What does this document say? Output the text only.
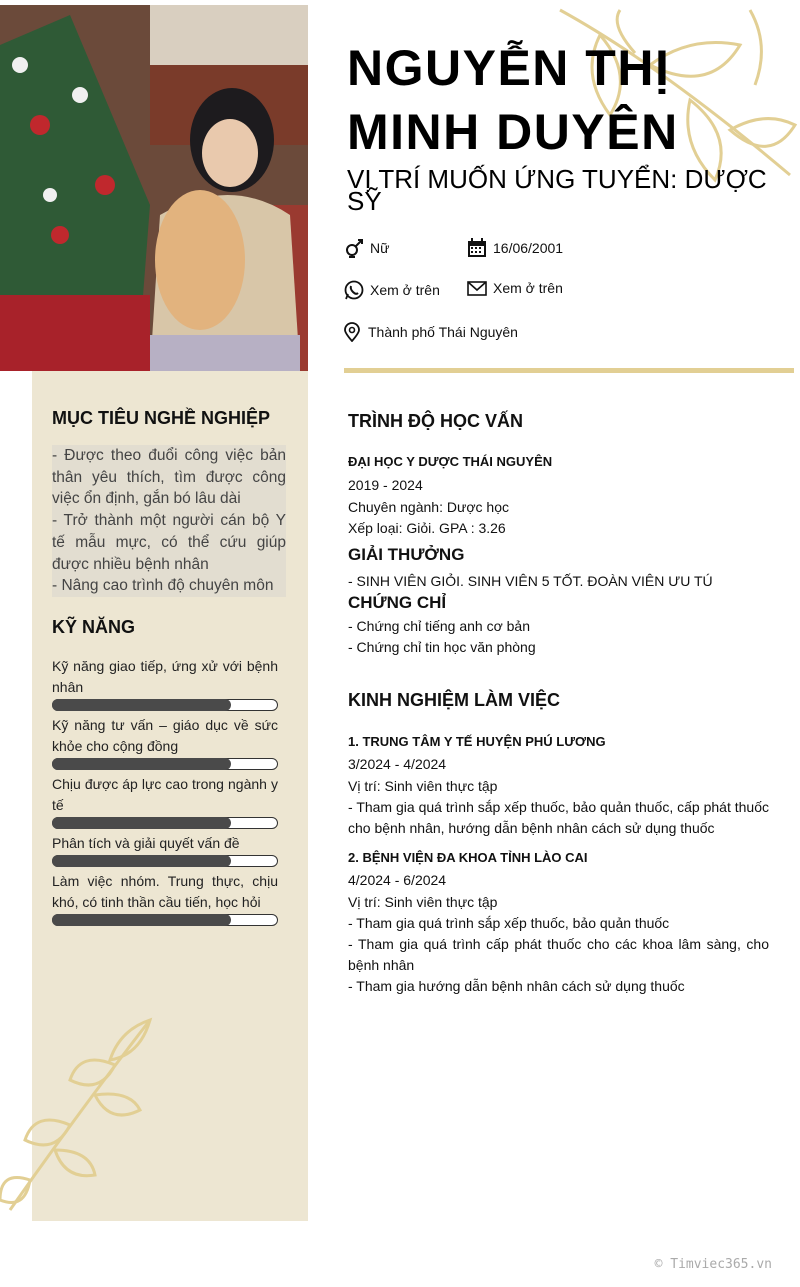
MỤC TIÊU NGHỀ NGHIỆP
- Được theo đuổi công việc bản thân yêu thích, tìm được công việc ổn định, gắn bó lâu dài
- Trở thành một người cán bộ Y tế mẫu mực, có thể cứu giúp được nhiều bệnh nhân
- Nâng cao trình độ chuyên môn
KỸ NĂNG
Kỹ năng giao tiếp, ứng xử với bệnh nhân
Kỹ năng tư vấn – giáo dục về sức khỏe cho cộng đồng
Chịu được áp lực cao trong ngành y tế
Phân tích và giải quyết vấn đề
Làm việc nhóm. Trung thực, chịu khó, có tinh thần cầu tiến, học hỏi
NGUYỄN THỊ
MINH DUYÊN
VỊ TRÍ MUỐN ỨNG TUYỂN: DƯỢC SỸ
Nữ	16/06/2001
Xem ở trên	Xem ở trên
Thành phố Thái Nguyên
TRÌNH ĐỘ HỌC VẤN
ĐẠI HỌC Y DƯỢC THÁI NGUYÊN
2019 - 2024
Chuyên ngành: Dược học
Xếp loại: Giỏi. GPA : 3.26
GIẢI THƯỞNG
- SINH VIÊN GIỎI. SINH VIÊN 5 TỐT. ĐOÀN VIÊN ƯU TÚ
CHỨNG CHỈ
- Chứng chỉ tiếng anh cơ bản
- Chứng chỉ tin học văn phòng
KINH NGHIỆM LÀM VIỆC
1. TRUNG TÂM Y TẾ HUYỆN PHÚ LƯƠNG
3/2024 - 4/2024
Vị trí: Sinh viên thực tập
- Tham gia quá trình sắp xếp thuốc, bảo quản thuốc, cấp phát thuốc cho bệnh nhân, hướng dẫn bệnh nhân cách sử dụng thuốc
2. BỆNH VIỆN ĐA KHOA TỈNH LÀO CAI
4/2024 - 6/2024
Vị trí: Sinh viên thực tập
- Tham gia quá trình sắp xếp thuốc, bảo quản thuốc
- Tham gia quá trình cấp phát thuốc cho các khoa lâm sàng, cho bệnh nhân
- Tham gia hướng dẫn bệnh nhân cách sử dụng thuốc
© Timviec365.vn
